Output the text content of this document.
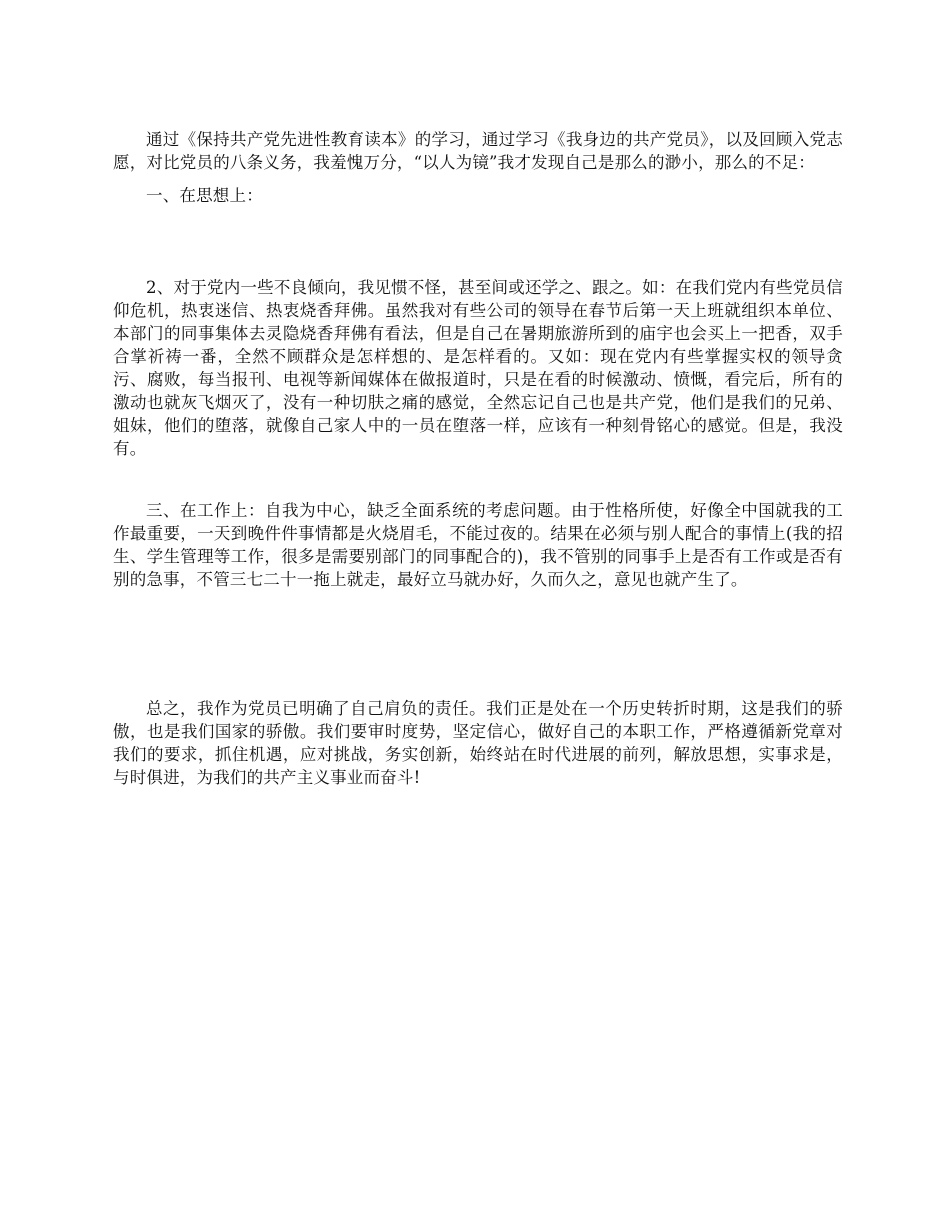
通过《保持共产党先进性教育读本》的学习，通过学习《我身边的共产党员》，以及回顾入党志愿，对比党员的八条义务，我羞愧万分，“以人为镜”我才发现自己是那么的渺小，那么的不足：

一、在思想上：

2、对于党内一些不良倾向，我见惯不怪，甚至间或还学之、跟之。如：在我们党内有些党员信仰危机，热衷迷信、热衷烧香拜佛。虽然我对有些公司的领导在春节后第一天上班就组织本单位、本部门的同事集体去灵隐烧香拜佛有看法，但是自己在暑期旅游所到的庙宇也会买上一把香，双手合掌祈祷一番，全然不顾群众是怎样想的、是怎样看的。又如：现在党内有些掌握实权的领导贪污、腐败，每当报刊、电视等新闻媒体在做报道时，只是在看的时候激动、愤慨，看完后，所有的激动也就灰飞烟灭了，没有一种切肤之痛的感觉，全然忘记自己也是共产党，他们是我们的兄弟、姐妹，他们的堕落，就像自己家人中的一员在堕落一样，应该有一种刻骨铭心的感觉。但是，我没有。

三、在工作上：自我为中心，缺乏全面系统的考虑问题。由于性格所使，好像全中国就我的工作最重要，一天到晚件件事情都是火烧眉毛，不能过夜的。结果在必须与别人配合的事情上(我的招生、学生管理等工作，很多是需要别部门的同事配合的)，我不管别的同事手上是否有工作或是否有别的急事，不管三七二十一拖上就走，最好立马就办好，久而久之，意见也就产生了。

总之，我作为党员已明确了自己肩负的责任。我们正是处在一个历史转折时期，这是我们的骄傲，也是我们国家的骄傲。我们要审时度势，坚定信心，做好自己的本职工作，严格遵循新党章对我们的要求，抓住机遇，应对挑战，务实创新，始终站在时代进展的前列，解放思想，实事求是，与时俱进，为我们的共产主义事业而奋斗!
